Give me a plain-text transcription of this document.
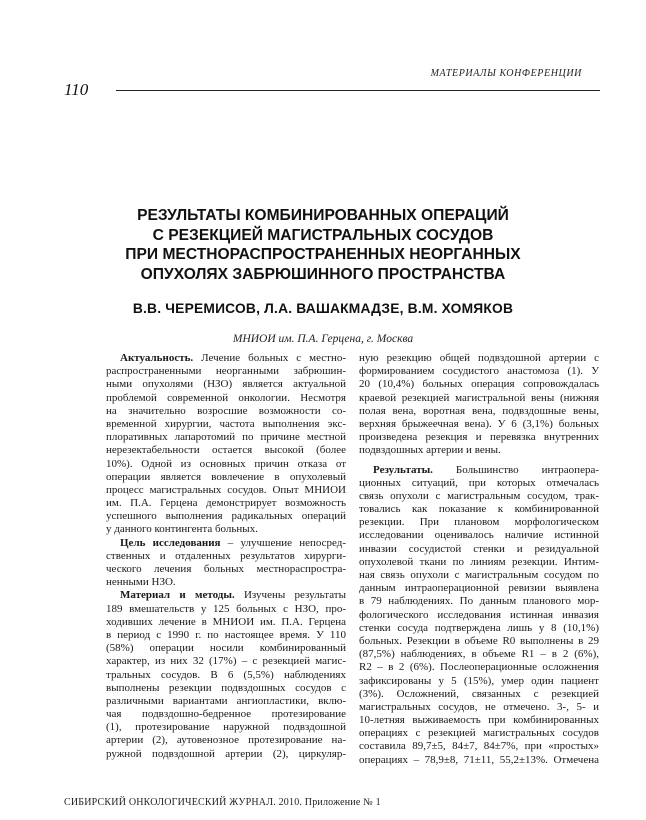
МАТЕРИАЛЫ КОНФЕРЕНЦИИ
110
РЕЗУЛЬТАТЫ КОМБИНИРОВАННЫХ ОПЕРАЦИЙ
С РЕЗЕКЦИЕЙ МАГИСТРАЛЬНЫХ СОСУДОВ
ПРИ МЕСТНОРАСПРОСТРАНЕННЫХ НЕОРГАННЫХ
ОПУХОЛЯХ ЗАБРЮШИННОГО ПРОСТРАНСТВА
В.В. ЧЕРЕМИСОВ, Л.А. ВАШАКМАДЗЕ, В.М. ХОМЯКОВ
МНИОИ им. П.А. Герцена, г. Москва
Актуальность. Лечение больных с местно-
распространенными неорганными забрюшин-
ными опухолями (НЗО) является актуальной
проблемой современной онкологии. Несмотря
на значительно возросшие возможности со-
временной хирургии, частота выполнения экс-
плоративных лапаротомий по причине местной
нерезектабельности остается высокой (более
10%). Одной из основных причин отказа от
операции является вовлечение в опухолевый
процесс магистральных сосудов. Опыт МНИОИ
им. П.А. Герцена демонстрирует возможность
успешного выполнения радикальных операций
у данного контингента больных.
Цель исследования – улучшение непосред-
ственных и отдаленных результатов хирурги-
ческого лечения больных местнораспростра-
ненными НЗО.
Материал и методы. Изучены результаты
189 вмешательств у 125 больных с НЗО, про-
ходивших лечение в МНИОИ им. П.А. Герцена
в период с 1990 г. по настоящее время. У 110
(58%) операции носили комбинированный
характер, из них 32 (17%) – с резекцией магис-
тральных сосудов. В 6 (5,5%) наблюдениях
выполнены резекции подвздошных сосудов с
различными вариантами ангиопластики, вклю-
чая подвздошно-бедренное протезирование
(1), протезирование наружной подвздошной
артерии (2), аутовенозное протезирование на-
ружной подвздошной артерии (2), циркуляр-
ную резекцию общей подвздошной артерии с
формированием сосудистого анастомоза (1). У
20 (10,4%) больных операция сопровождалась
краевой резекцией магистральной вены (нижняя
полая вена, воротная вена, подвздошные вены,
верхняя брыжеечная вена). У 6 (3,1%) больных
произведена резекция и перевязка внутренних
подвздошных артерии и вены.
Результаты. Большинство интраопера-
ционных ситуаций, при которых отмечалась
связь опухоли с магистральным сосудом, трак-
товались как показание к комбинированной
резекции. При плановом морфологическом
исследовании оценивалось наличие истинной
инвазии сосудистой стенки и резидуальной
опухолевой ткани по линиям резекции. Интим-
ная связь опухоли с магистральным сосудом по
данным интраоперационной ревизии выявлена
в 79 наблюдениях. По данным планового мор-
фологического исследования истинная инвазия
стенки сосуда подтверждена лишь у 8 (10,1%)
больных. Резекции в объеме R0 выполнены в 29
(87,5%) наблюдениях, в объеме R1 – в 2 (6%),
R2 – в 2 (6%). Послеоперационные осложнения
зафиксированы у 5 (15%), умер один пациент
(3%). Осложнений, связанных с резекцией
магистральных сосудов, не отмечено. 3-, 5- и
10-летняя выживаемость при комбинированных
операциях с резекцией магистральных сосудов
составила 89,7±5, 84±7, 84±7%, при «простых»
операциях – 78,9±8, 71±11, 55,2±13%. Отмечена
СИБИРСКИЙ ОНКОЛОГИЧЕСКИЙ ЖУРНАЛ. 2010. Приложение № 1
